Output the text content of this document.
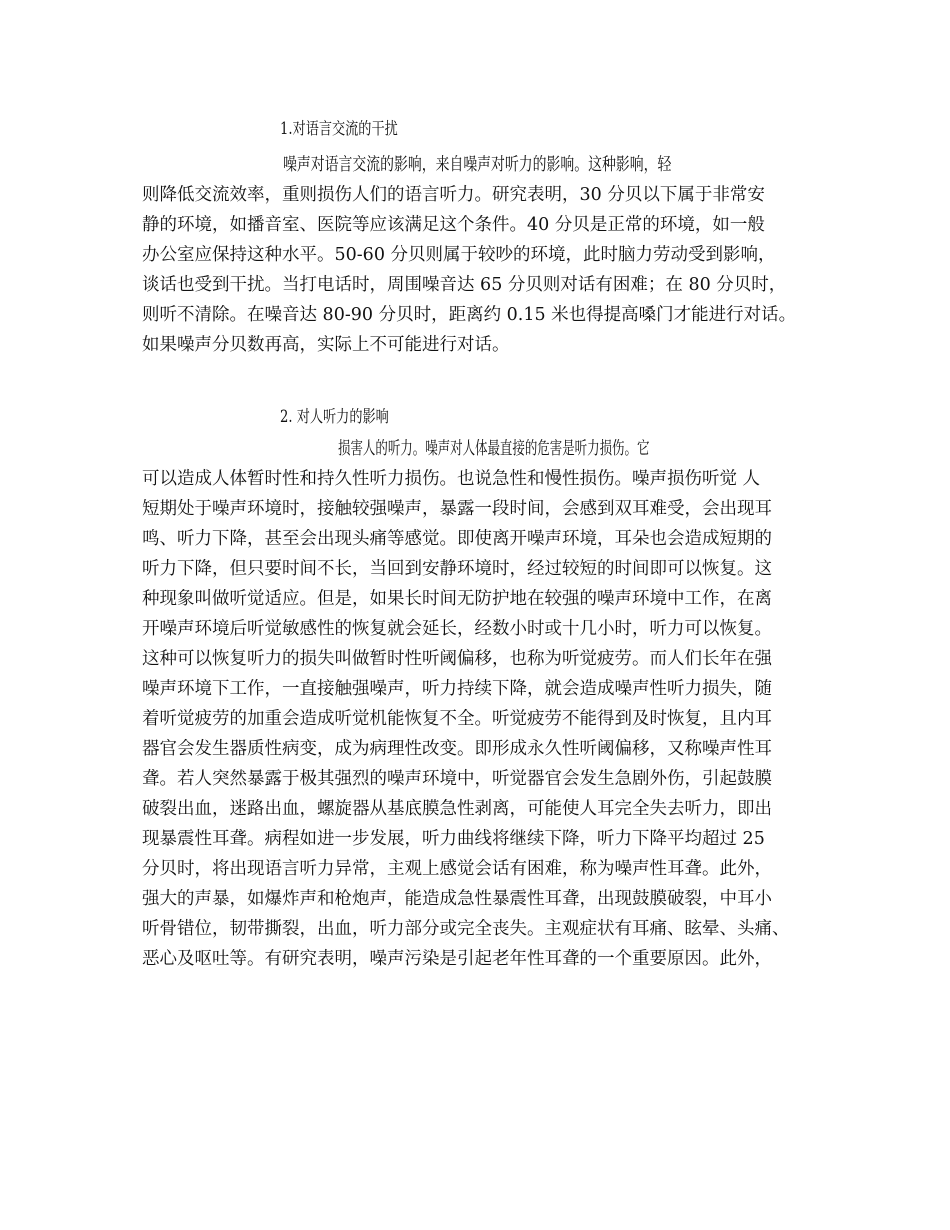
1.对语言交流的干扰
噪声对语言交流的影响，来自噪声对听力的影响。这种影响，轻
则降低交流效率，重则损伤人们的语言听力。研究表明，30 分贝以下属于非常安
静的环境，如播音室、医院等应该满足这个条件。40 分贝是正常的环境，如一般
办公室应保持这种水平。50-60 分贝则属于较吵的环境，此时脑力劳动受到影响，
谈话也受到干扰。当打电话时，周围噪音达 65 分贝则对话有困难；在 80 分贝时，
则听不清除。在噪音达 80-90 分贝时，距离约 0.15 米也得提高嗓门才能进行对话。
如果噪声分贝数再高，实际上不可能进行对话。
2. 对人听力的影响
损害人的听力。噪声对人体最直接的危害是听力损伤。它
可以造成人体暂时性和持久性听力损伤。也说急性和慢性损伤。噪声损伤听觉 人
短期处于噪声环境时，接触较强噪声，暴露一段时间，会感到双耳难受，会出现耳
鸣、听力下降，甚至会出现头痛等感觉。即使离开噪声环境，耳朵也会造成短期的
听力下降，但只要时间不长，当回到安静环境时，经过较短的时间即可以恢复。这
种现象叫做听觉适应。但是，如果长时间无防护地在较强的噪声环境中工作，在离
开噪声环境后听觉敏感性的恢复就会延长，经数小时或十几小时，听力可以恢复。
这种可以恢复听力的损失叫做暂时性听阈偏移，也称为听觉疲劳。而人们长年在强
噪声环境下工作，一直接触强噪声，听力持续下降，就会造成噪声性听力损失，随
着听觉疲劳的加重会造成听觉机能恢复不全。听觉疲劳不能得到及时恢复，且内耳
器官会发生器质性病变，成为病理性改变。即形成永久性听阈偏移，又称噪声性耳
聋。若人突然暴露于极其强烈的噪声环境中，听觉器官会发生急剧外伤，引起鼓膜
破裂出血，迷路出血，螺旋器从基底膜急性剥离，可能使人耳完全失去听力，即出
现暴震性耳聋。病程如进一步发展，听力曲线将继续下降，听力下降平均超过 25
分贝时，将出现语言听力异常，主观上感觉会话有困难，称为噪声性耳聋。此外，
强大的声暴，如爆炸声和枪炮声，能造成急性暴震性耳聋，出现鼓膜破裂，中耳小
听骨错位，韧带撕裂，出血，听力部分或完全丧失。主观症状有耳痛、眩晕、头痛、
恶心及呕吐等。有研究表明，噪声污染是引起老年性耳聋的一个重要原因。此外，
